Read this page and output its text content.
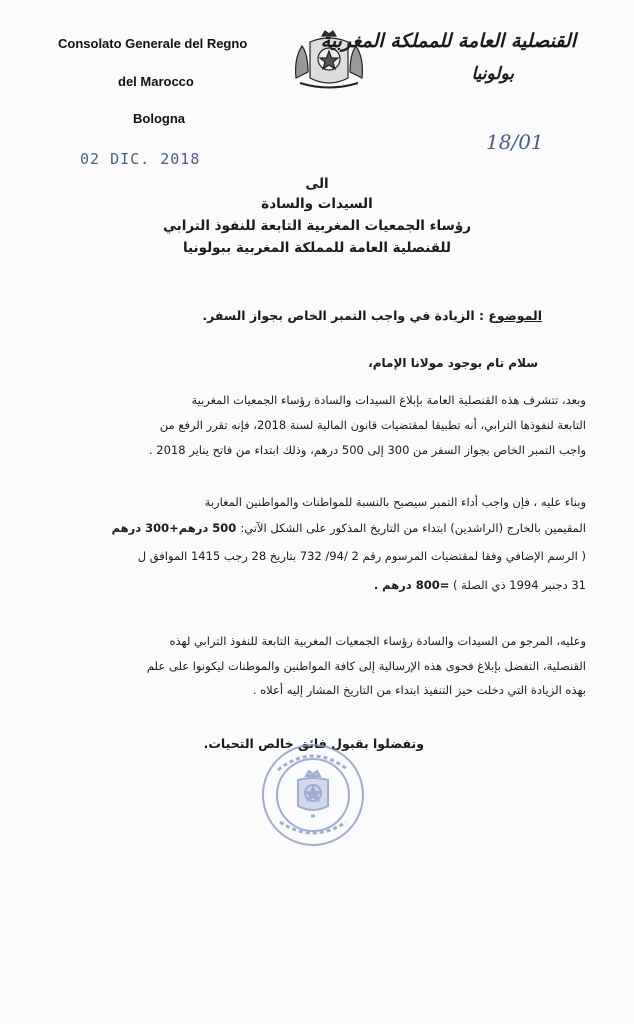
Consolato Generale del Regno
del Marocco
Bologna
القنصلية العامة للمملكة المغربية
بولونيا
02 DIC. 2018
18/01
الى
السيدات والسادة
رؤساء الجمعيات المغربية التابعة للنفوذ الترابي
للقنصلية العامة للمملكة المغربية ببولونيا
الموضوع : الزيادة في واجب التمبر الخاص بجواز السفر.
سلام تام بوجود مولانا الإمام،
وبعد، تتشرف هذه القنصلية العامة بإبلاغ السيدات والسادة رؤساء الجمعيات المغربية
التابعة لنفوذها الترابي، أنه تطبيقا لمقتضيات قانون المالية لسنة 2018، فإنه تقرر الرفع من
واجب التمبر الخاص بجواز السفر من 300 إلى 500 درهم، وذلك ابتداء من فاتح يناير 2018 .
وبناء عليه ، فإن واجب أداء التمبر سيصبح بالنسبة للمواطنات والمواطنين المغاربة
المقيمين بالخارج (الراشدين) ابتداء من التاريخ المذكور على الشكل الآتي: 500 درهم+300 درهم
( الرسم الإضافي وفقا لمقتضيات المرسوم رقم 2 /94/ 732 بتاريخ 28 رجب 1415 الموافق ل
31 دجنبر 1994 ذي الصلة ) =800 درهم .
وعليه، المرجو من السيدات والسادة رؤساء الجمعيات المغربية التابعة للنفوذ الترابي لهذه
القنصلية، التفضل بإبلاغ فحوى هذه الإرسالية إلى كافة المواطنين والموطنات ليكونوا على علم
بهذه الزيادة التي دخلت حيز التنفيذ ابتداء من التاريخ المشار إليه أعلاه .
وتفضلوا بقبول فائق خالص التحيات.
